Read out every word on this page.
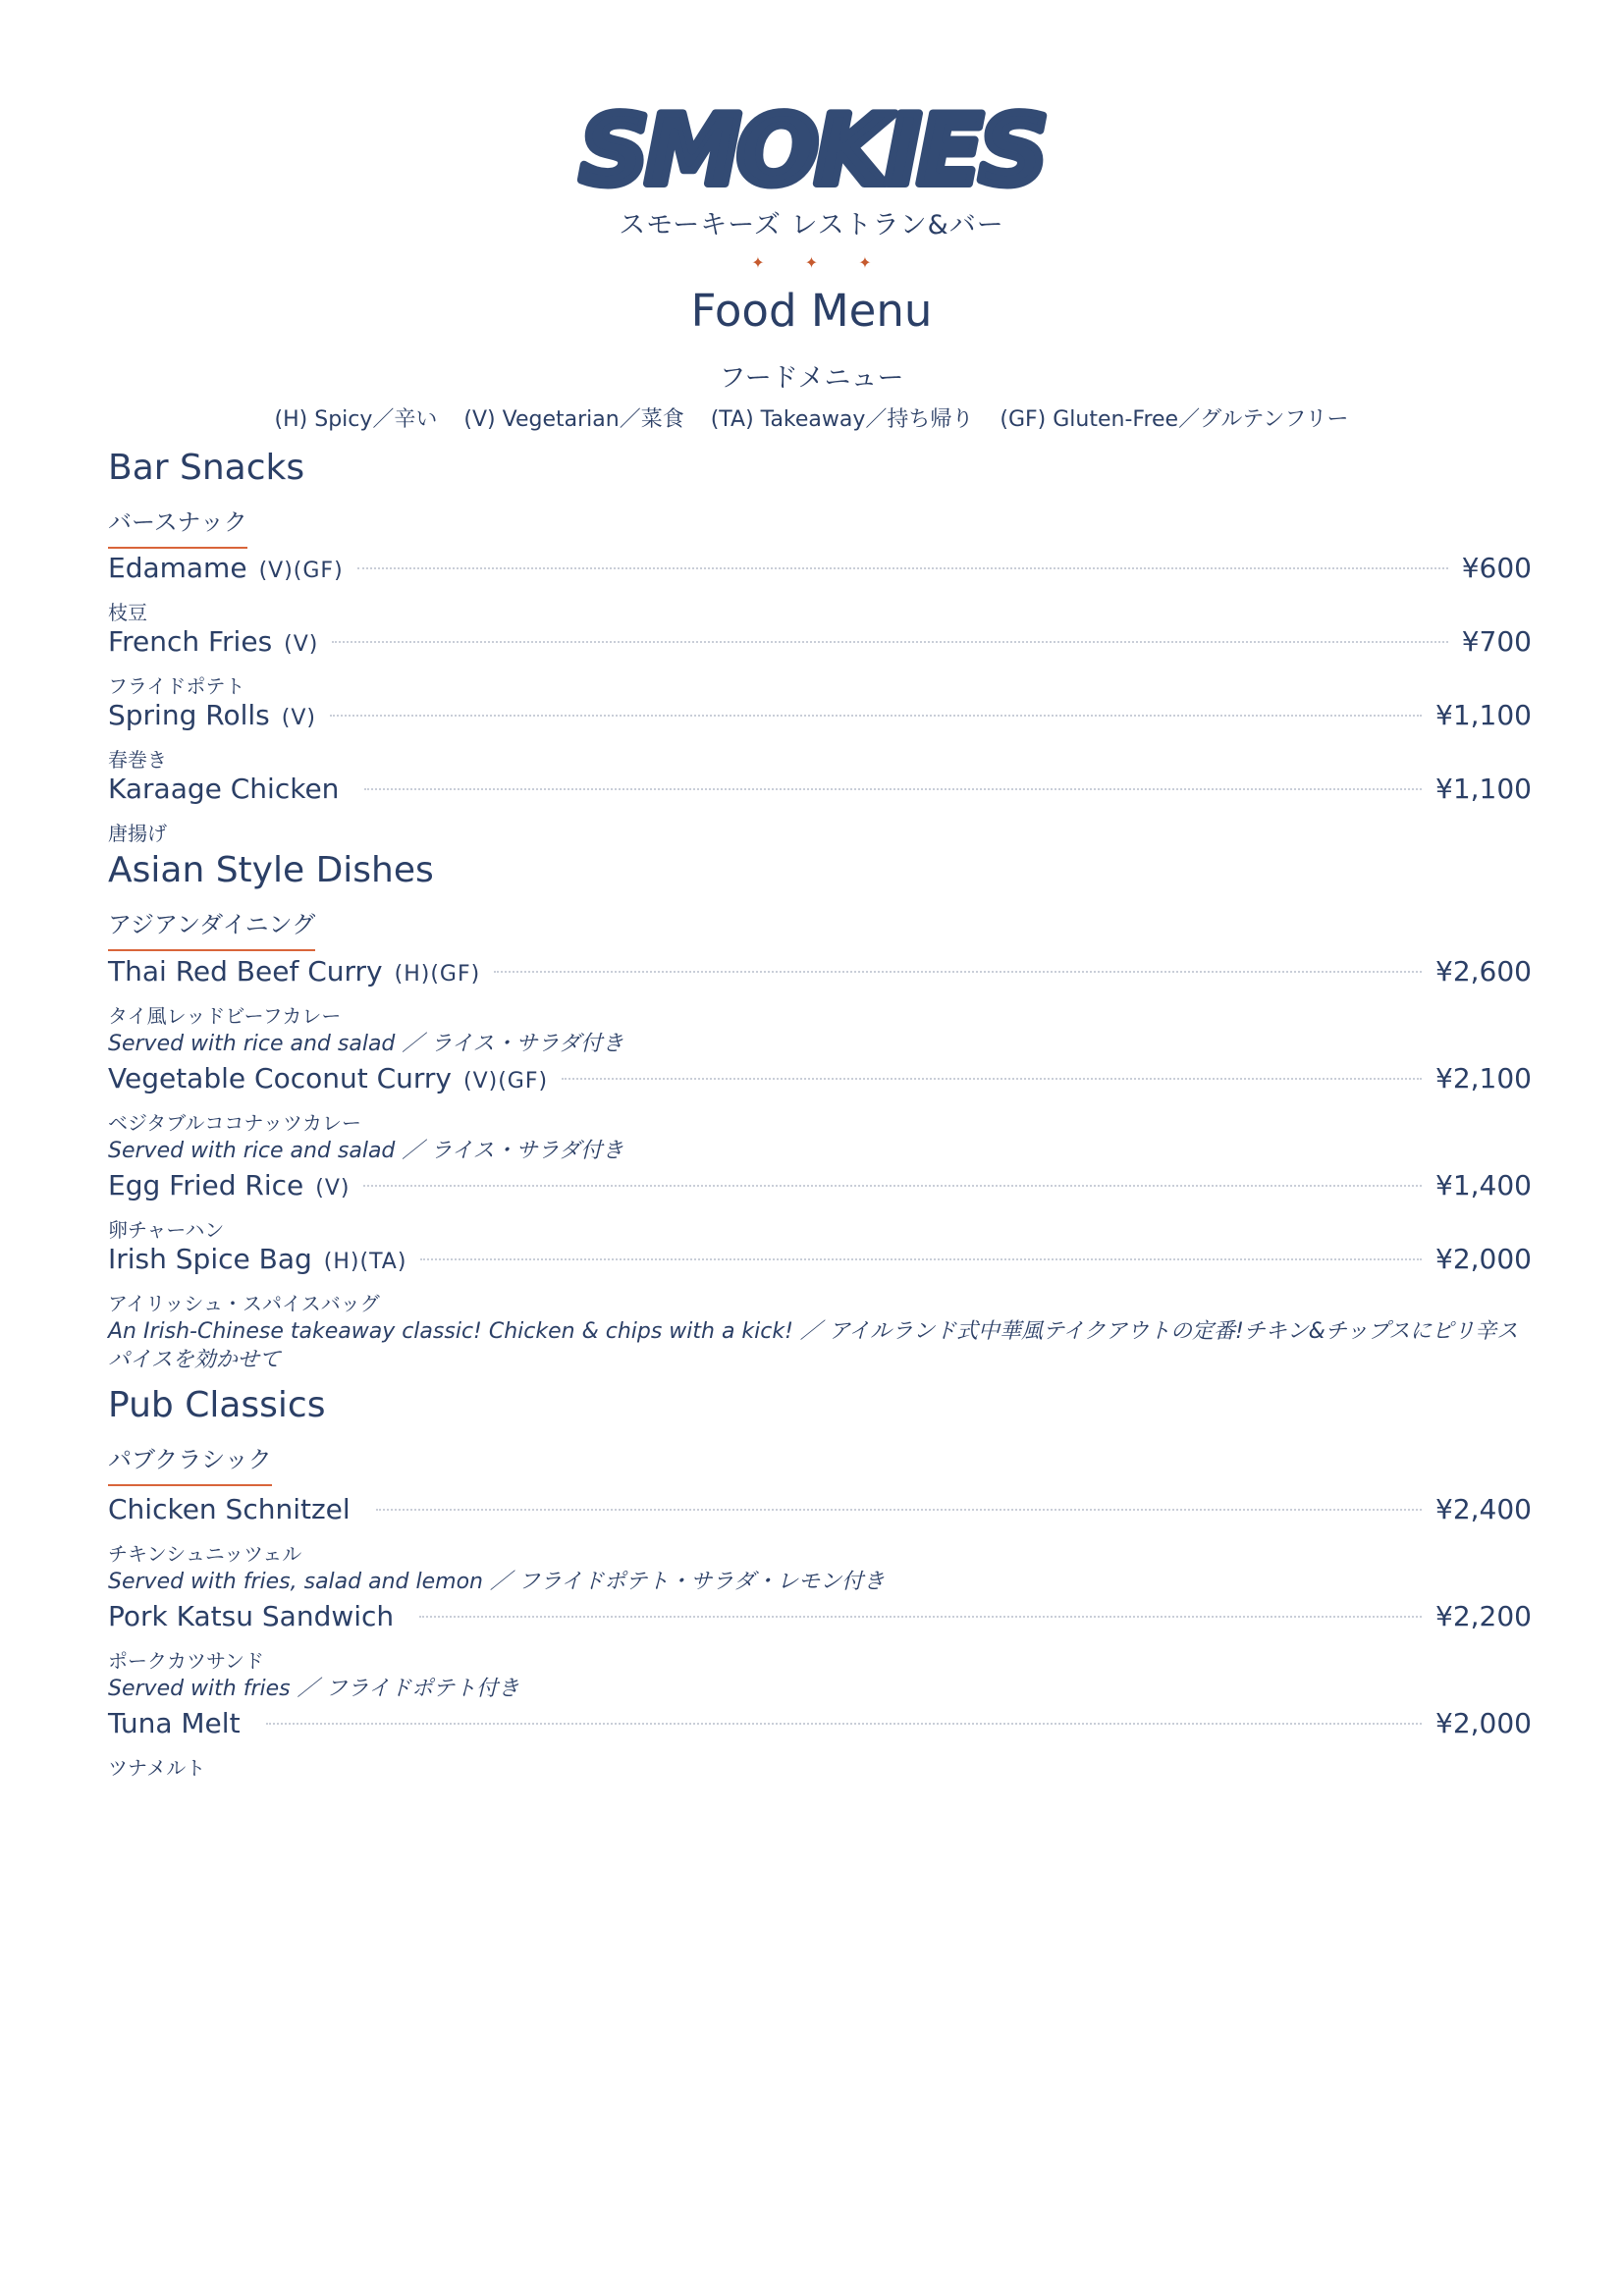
SMOKIES
スモーキーズ レストラン&バー
✦ ✦ ✦
Food Menu
フードメニュー
(H) Spicy／辛い (V) Vegetarian／菜食 (TA) Takeaway／持ち帰り (GF) Gluten-Free／グルテンフリー
Bar Snacks
バースナック
Edamame (V)(GF)	¥600
枝豆
French Fries (V)	¥700
フライドポテト
Spring Rolls (V)	¥1,100
春巻き
Karaage Chicken	¥1,100
唐揚げ
Asian Style Dishes
アジアンダイニング
Thai Red Beef Curry (H)(GF)	¥2,600
タイ風レッドビーフカレー
Served with rice and salad ／ ライス・サラダ付き
Vegetable Coconut Curry (V)(GF)	¥2,100
ベジタブルココナッツカレー
Served with rice and salad ／ ライス・サラダ付き
Egg Fried Rice (V)	¥1,400
卵チャーハン
Irish Spice Bag (H)(TA)	¥2,000
アイリッシュ・スパイスバッグ
An Irish-Chinese takeaway classic! Chicken & chips with a kick! ／ アイルランド式中華風テイクアウトの定番!チキン&チップスにピリ辛スパイスを効かせて
Pub Classics
パブクラシック
Chicken Schnitzel	¥2,400
チキンシュニッツェル
Served with fries, salad and lemon ／ フライドポテト・サラダ・レモン付き
Pork Katsu Sandwich	¥2,200
ポークカツサンド
Served with fries ／ フライドポテト付き
Tuna Melt	¥2,000
ツナメルト
